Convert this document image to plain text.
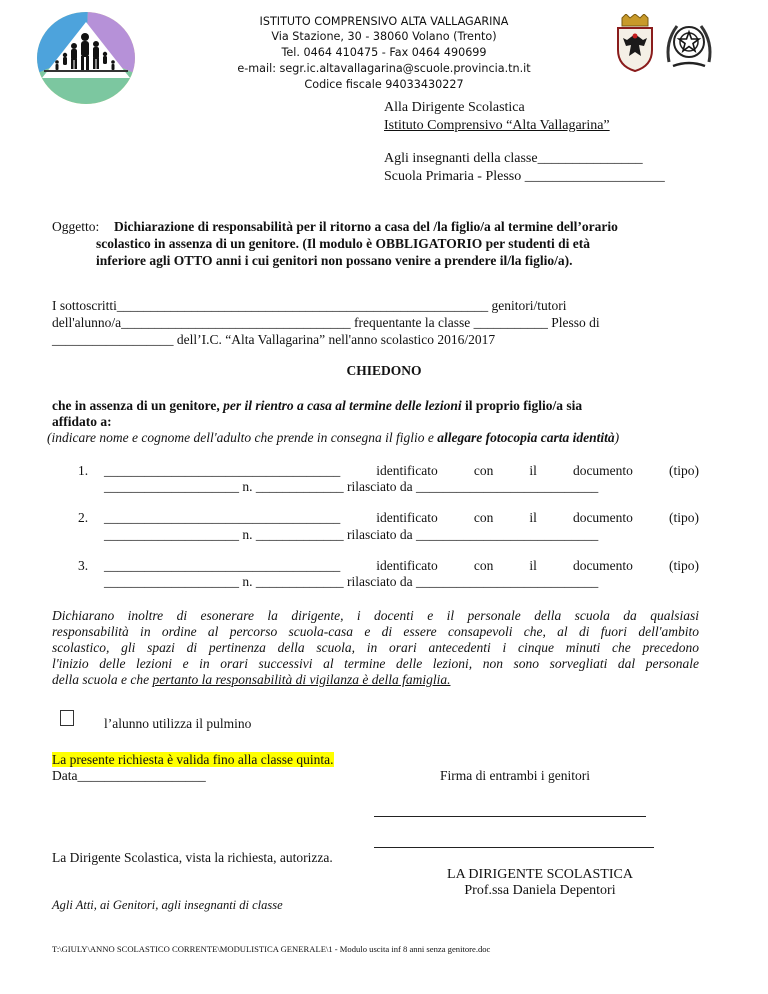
ISTITUTO COMPRENSIVO ALTA VALLAGARINA
Via Stazione, 30 - 38060 Volano (Trento)
Tel. 0464 410475 - Fax 0464 490699
e-mail: segr.ic.altavallagarina@scuole.provincia.tn.it
Codice fiscale 94033430227
Alla Dirigente Scolastica
Istituto Comprensivo “Alta Vallagarina”
Agli insegnanti della classe_______________
Scuola Primaria - Plesso ____________________
Oggetto: Dichiarazione di responsabilità per il ritorno a casa del /la figlio/a al termine dell’orario
scolastico in assenza di un genitore. (Il modulo è OBBLIGATORIO per studenti di età
inferiore agli OTTO anni i cui genitori non possano venire a prendere il/la figlio/a).
I sottoscritti_______________________________________________________ genitori/tutori
dell'alunno/a__________________________________ frequentante la classe ___________ Plesso di
__________________ dell’I.C. “Alta Vallagarina” nell'anno scolastico 2016/2017
CHIEDONO
che in assenza di un genitore, per il rientro a casa al termine delle lezioni il proprio figlio/a sia
affidato a:
(indicare nome e cognome dell'adulto che prende in consegna il figlio e allegare fotocopia carta identità)
1. ___________________________________	identificato	con	il	documento	(tipo)
____________________ n. _____________ rilasciato da ___________________________
2. ___________________________________	identificato	con	il	documento	(tipo)
____________________ n. _____________ rilasciato da ___________________________
3. ___________________________________	identificato	con	il	documento	(tipo)
____________________ n. _____________ rilasciato da ___________________________
Dichiarano inoltre di esonerare la dirigente, i docenti e il personale della scuola da qualsiasi
responsabilità in ordine al percorso scuola-casa e di essere consapevoli che, al di fuori dell'ambito
scolastico, gli spazi di pertinenza della scuola, in orari antecedenti i cinque minuti che precedono
l'inizio delle lezioni e in orari successivi al termine delle lezioni, non sono sorvegliati dal personale
della scuola e che pertanto la responsabilità di vigilanza è della famiglia.
l’alunno utilizza il pulmino
La presente richiesta è valida fino alla classe quinta.
Data___________________	Firma di entrambi i genitori
La Dirigente Scolastica, vista la richiesta, autorizza.
LA DIRIGENTE SCOLASTICA
Prof.ssa Daniela Depentori
Agli Atti, ai Genitori, agli insegnanti di classe
T:\GIULY\ANNO SCOLASTICO CORRENTE\MODULISTICA GENERALE\1 - Modulo uscita inf 8 anni senza genitore.doc
